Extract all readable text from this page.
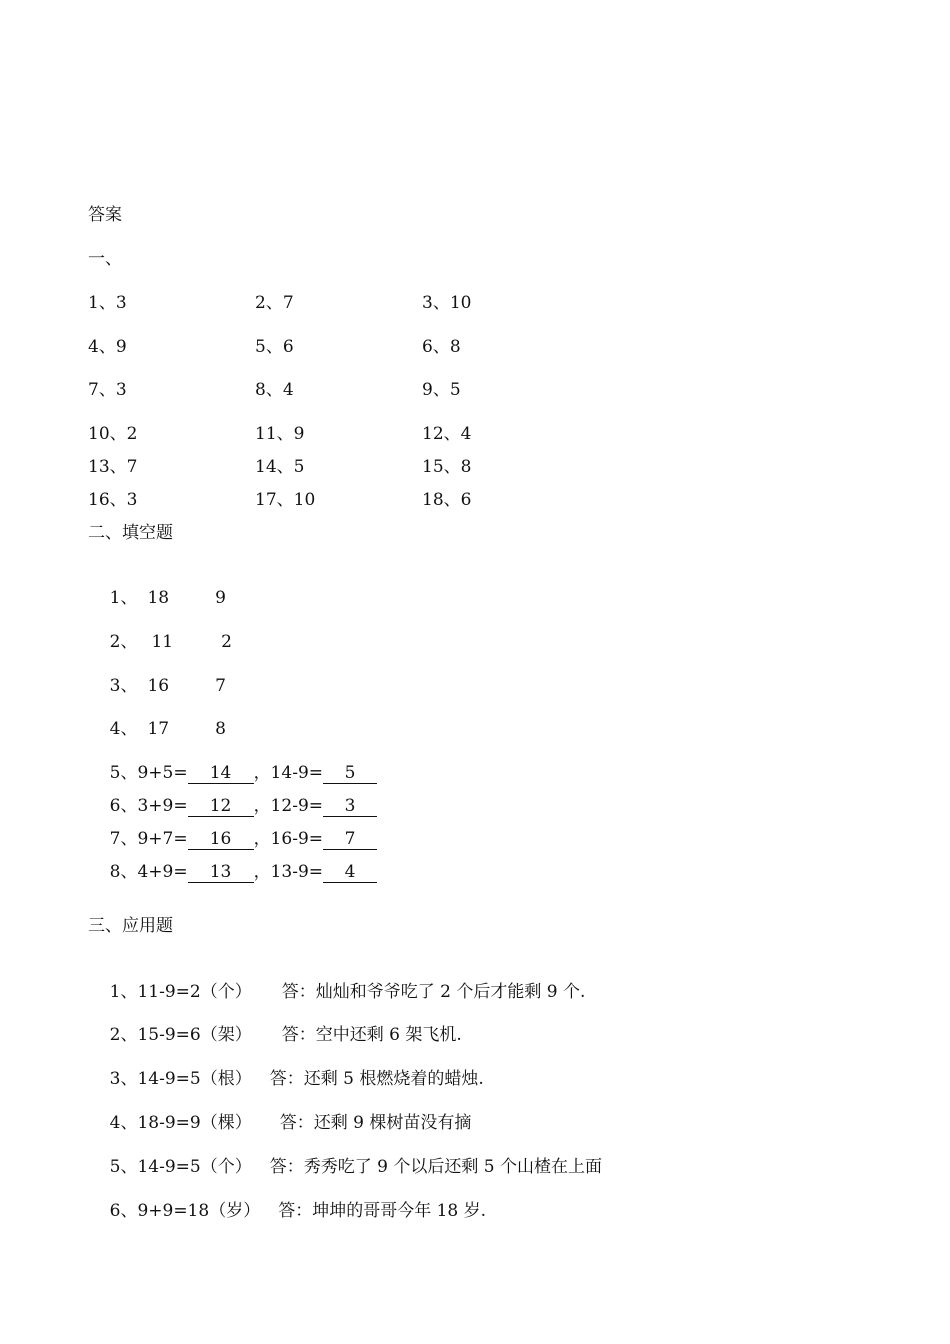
答案
一、
1、3	2、7	3、10
4、9	5、6	6、8
7、3	8、4	9、5
10、2	11、9	12、4
13、7	14、5	15、8
16、3	17、10	18、6
二、填空题

1、 18	9

2、 11	2

3、 16	7

4、 17	8

5、9+5= 14 ，14-9= 5

6、3+9= 12 ，12-9= 3

7、9+7= 16 ，16-9= 7

8、4+9= 13 ，13-9= 4

三、应用题

1、11-9=2（个） 答：灿灿和爷爷吃了 2 个后才能剩 9 个.

2、15-9=6（架） 答：空中还剩 6 架飞机.

3、14-9=5（根） 答：还剩 5 根燃烧着的蜡烛.

4、18-9=9（棵） 答：还剩 9 棵树苗没有摘

5、14-9=5（个） 答：秀秀吃了 9 个以后还剩 5 个山楂在上面

6、9+9=18（岁） 答：坤坤的哥哥今年 18 岁.
